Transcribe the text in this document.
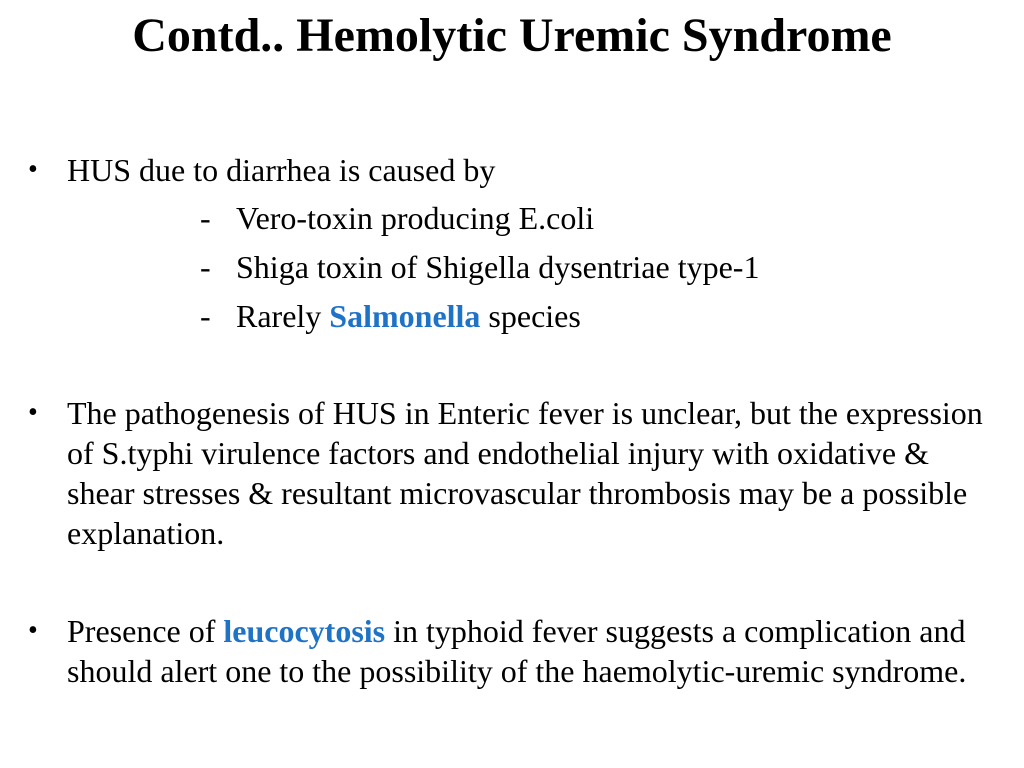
Contd.. Hemolytic Uremic Syndrome
• HUS due to diarrhea is caused by
- Vero-toxin producing E.coli
- Shiga toxin of Shigella dysentriae type-1
- Rarely Salmonella species
• The pathogenesis of HUS in Enteric fever is unclear, but the expression of S.typhi virulence factors and endothelial injury with oxidative & shear stresses & resultant microvascular thrombosis may be a possible explanation.
• Presence of leucocytosis in typhoid fever suggests a complication and should alert one to the possibility of the haemolytic-uremic syndrome.
